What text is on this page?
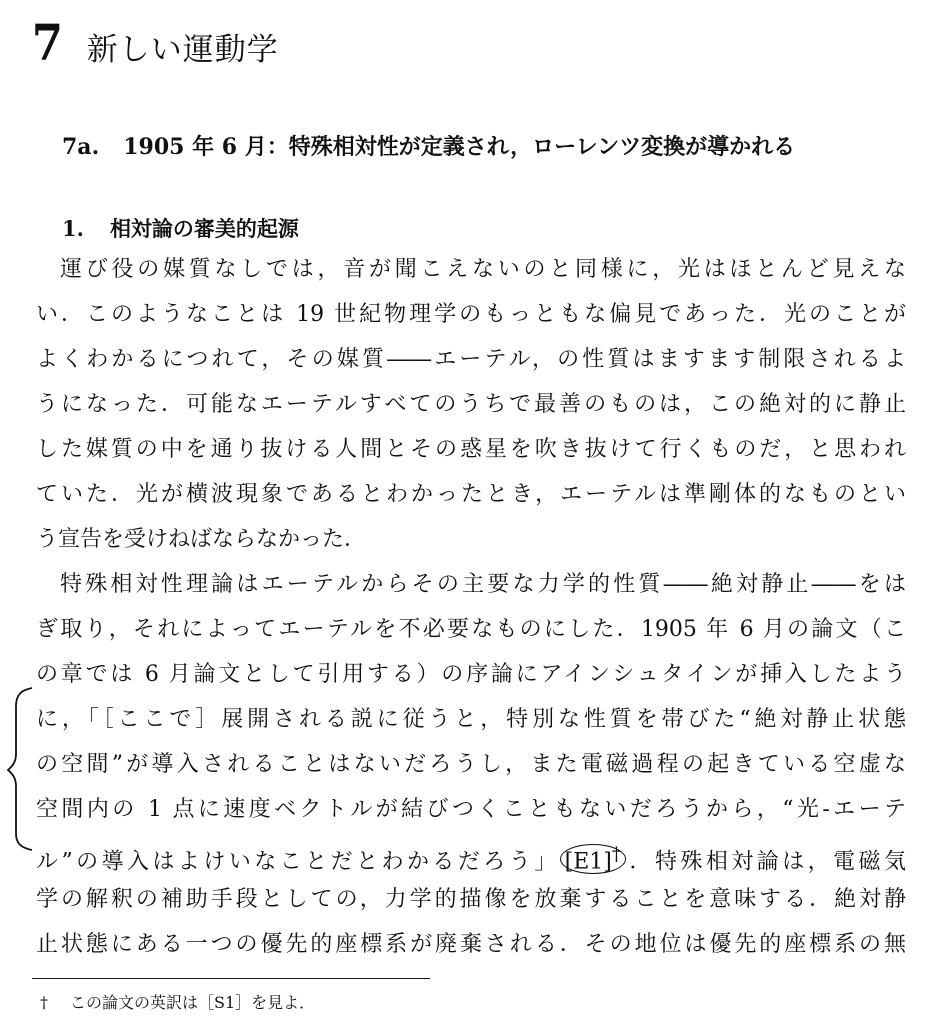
7 新しい運動学
7a. 1905 年 6 月：特殊相対性が定義され，ローレンツ変換が導かれる
1. 相対論の審美的起源
運び役の媒質なしでは，音が聞こえないのと同様に，光はほとんど見えな
い．このようなことは 19 世紀物理学のもっともな偏見であった．光のことが
よくわかるにつれて，その媒質――エーテル，の性質はますます制限されるよ
うになった．可能なエーテルすべてのうちで最善のものは，この絶対的に静止
した媒質の中を通り抜ける人間とその惑星を吹き抜けて行くものだ，と思われ
ていた．光が横波現象であるとわかったとき，エーテルは準剛体的なものとい
う宣告を受けねばならなかった．
特殊相対性理論はエーテルからその主要な力学的性質――絶対静止――をは
ぎ取り，それによってエーテルを不必要なものにした．1905 年 6 月の論文（こ
の章では 6 月論文として引用する）の序論にアインシュタインが挿入したよう
に，「［ここで］展開される説に従うと，特別な性質を帯びた“絶対静止状態
の空間”が導入されることはないだろうし，また電磁過程の起きている空虚な
空間内の 1 点に速度ベクトルが結びつくこともないだろうから，“光-エーテ
ル”の導入はよけいなことだとわかるだろう」 [E1]† ．特殊相対論は，電磁気
学の解釈の補助手段としての，力学的描像を放棄することを意味する．絶対静
止状態にある一つの優先的座標系が廃棄される．その地位は優先的座標系の無
† この論文の英訳は［S1］を見よ．
